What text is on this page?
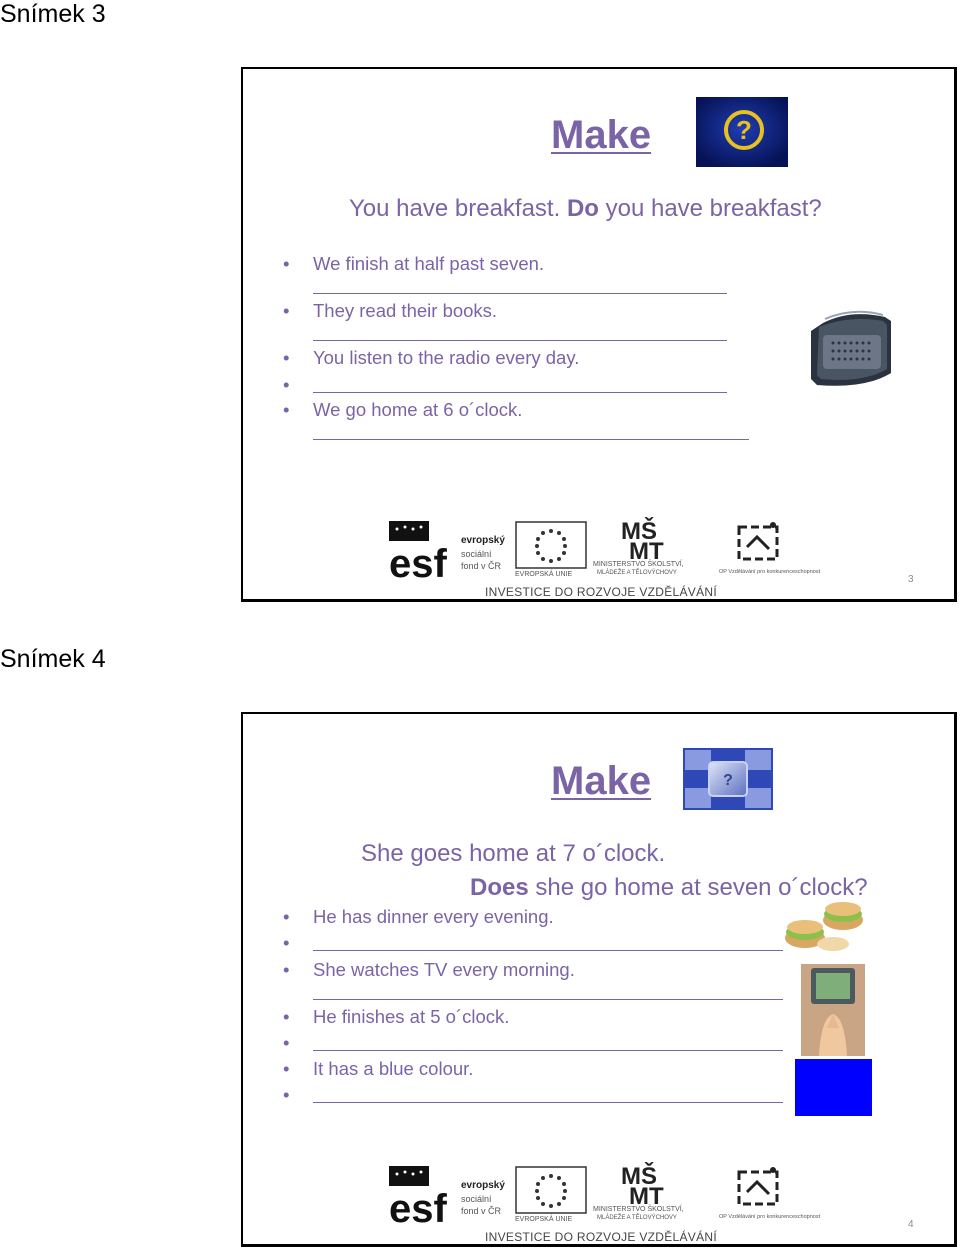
Snímek 3
Make	?
You have breakfast. Do you have breakfast?
• We finish at half past seven.
• They read their books.
• You listen to the radio every day.
•
• We go home at 6 o´clock.
esf
evropský
sociální
fond v ČR
EVROPSKÁ UNIE
MŠ
MT
MINISTERSTVO ŠKOLSTVÍ,
MLÁDEŽE A TĚLOVÝCHOVY	OP Vzdělávání pro konkurenceschopnost
INVESTICE DO ROZVOJE VZDĚLÁVÁNÍ
3
Snímek 4
Make	?
She goes home at 7 o´clock.
Does she go home at seven o´clock?
• He has dinner every evening.
•
• She watches TV every morning.
• He finishes at 5 o´clock.
•
• It has a blue colour.
•
esf
evropský
sociální
fond v ČR
EVROPSKÁ UNIE
MŠ
MT
MINISTERSTVO ŠKOLSTVÍ,
MLÁDEŽE A TĚLOVÝCHOVY	OP Vzdělávání pro konkurenceschopnost
INVESTICE DO ROZVOJE VZDĚLÁVÁNÍ
4
